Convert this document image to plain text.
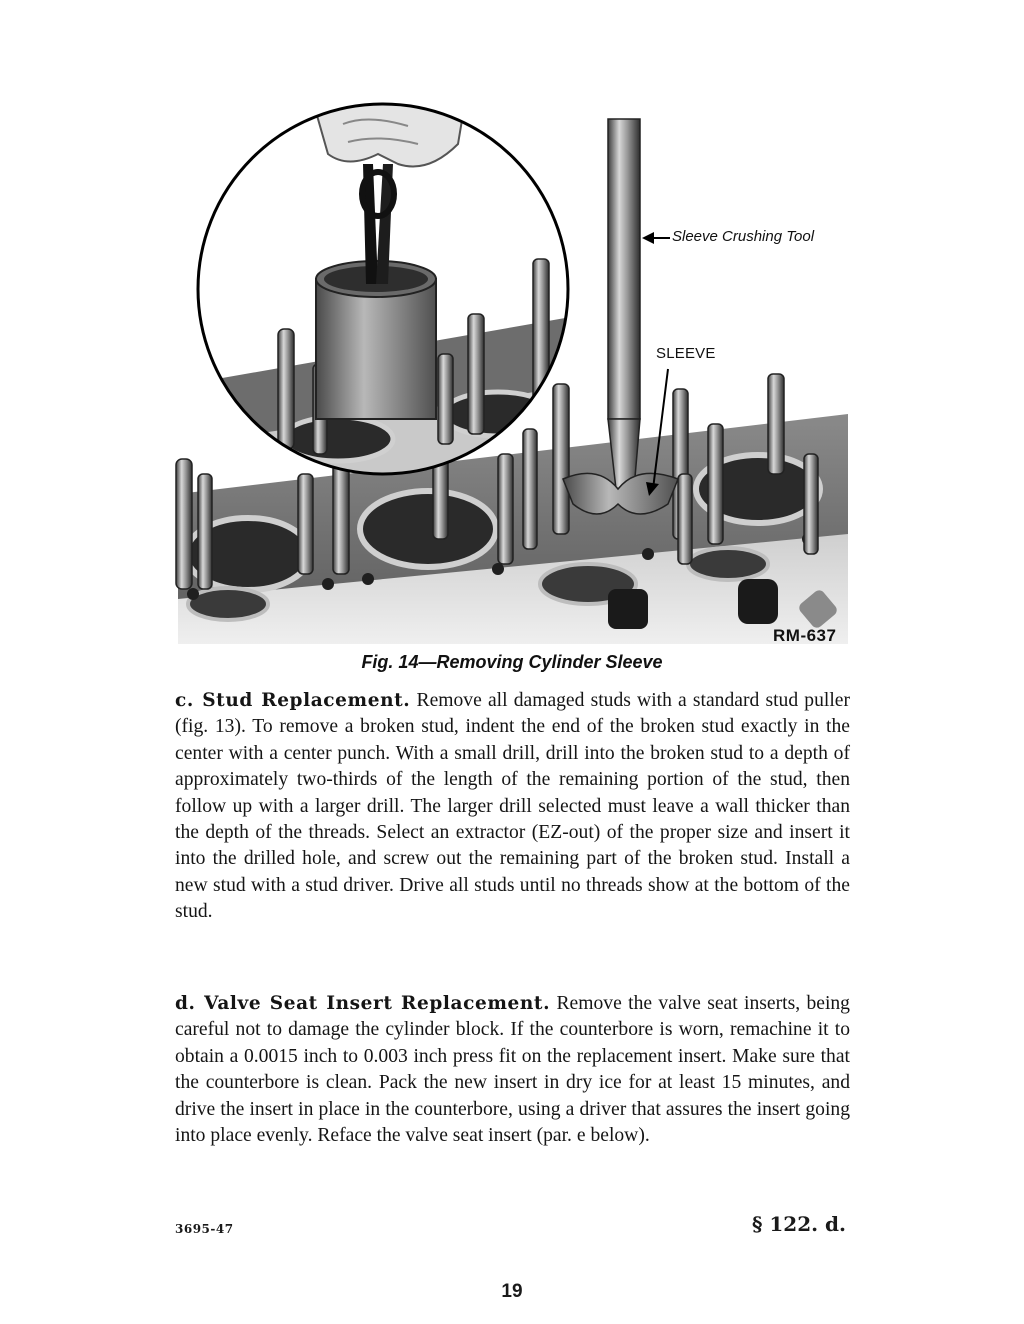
Sleeve Crushing Tool
SLEEVE
RM-637
Fig. 14—Removing Cylinder Sleeve

c. Stud Replacement. Remove all damaged studs with a standard stud puller (fig. 13). To remove a broken stud, indent the end of the broken stud exactly in the center with a center punch. With a small drill, drill into the broken stud to a depth of approximately two-thirds of the length of the remaining portion of the stud, then follow up with a larger drill. The larger drill selected must leave a wall thicker than the depth of the threads. Select an extractor (EZ-out) of the proper size and insert it into the drilled hole, and screw out the remaining part of the broken stud. Install a new stud with a stud driver. Drive all studs until no threads show at the bottom of the stud.

d. Valve Seat Insert Replacement. Remove the valve seat inserts, being careful not to damage the cylinder block. If the counterbore is worn, remachine it to obtain a 0.0015 inch to 0.003 inch press fit on the replacement insert. Make sure that the counterbore is clean. Pack the new insert in dry ice for at least 15 minutes, and drive the insert in place in the counterbore, using a driver that assures the insert going into place evenly. Reface the valve seat insert (par. e below).

3695-47	§ 122. d.
19
